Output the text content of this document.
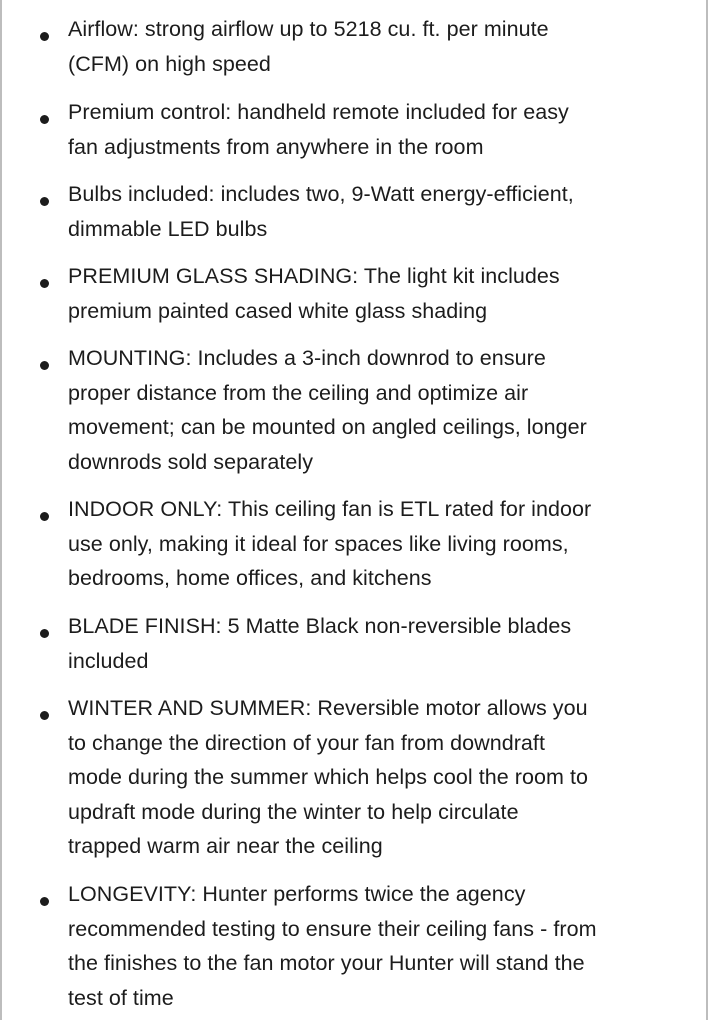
Airflow: strong airflow up to 5218 cu. ft. per minute
(CFM) on high speed
Premium control: handheld remote included for easy
fan adjustments from anywhere in the room
Bulbs included: includes two, 9-Watt energy-efficient,
dimmable LED bulbs
PREMIUM GLASS SHADING: The light kit includes
premium painted cased white glass shading
MOUNTING: Includes a 3-inch downrod to ensure
proper distance from the ceiling and optimize air
movement; can be mounted on angled ceilings, longer
downrods sold separately
INDOOR ONLY: This ceiling fan is ETL rated for indoor
use only, making it ideal for spaces like living rooms,
bedrooms, home offices, and kitchens
BLADE FINISH: 5 Matte Black non-reversible blades
included
WINTER AND SUMMER: Reversible motor allows you
to change the direction of your fan from downdraft
mode during the summer which helps cool the room to
updraft mode during the winter to help circulate
trapped warm air near the ceiling
LONGEVITY: Hunter performs twice the agency
recommended testing to ensure their ceiling fans - from
the finishes to the fan motor your Hunter will stand the
test of time
